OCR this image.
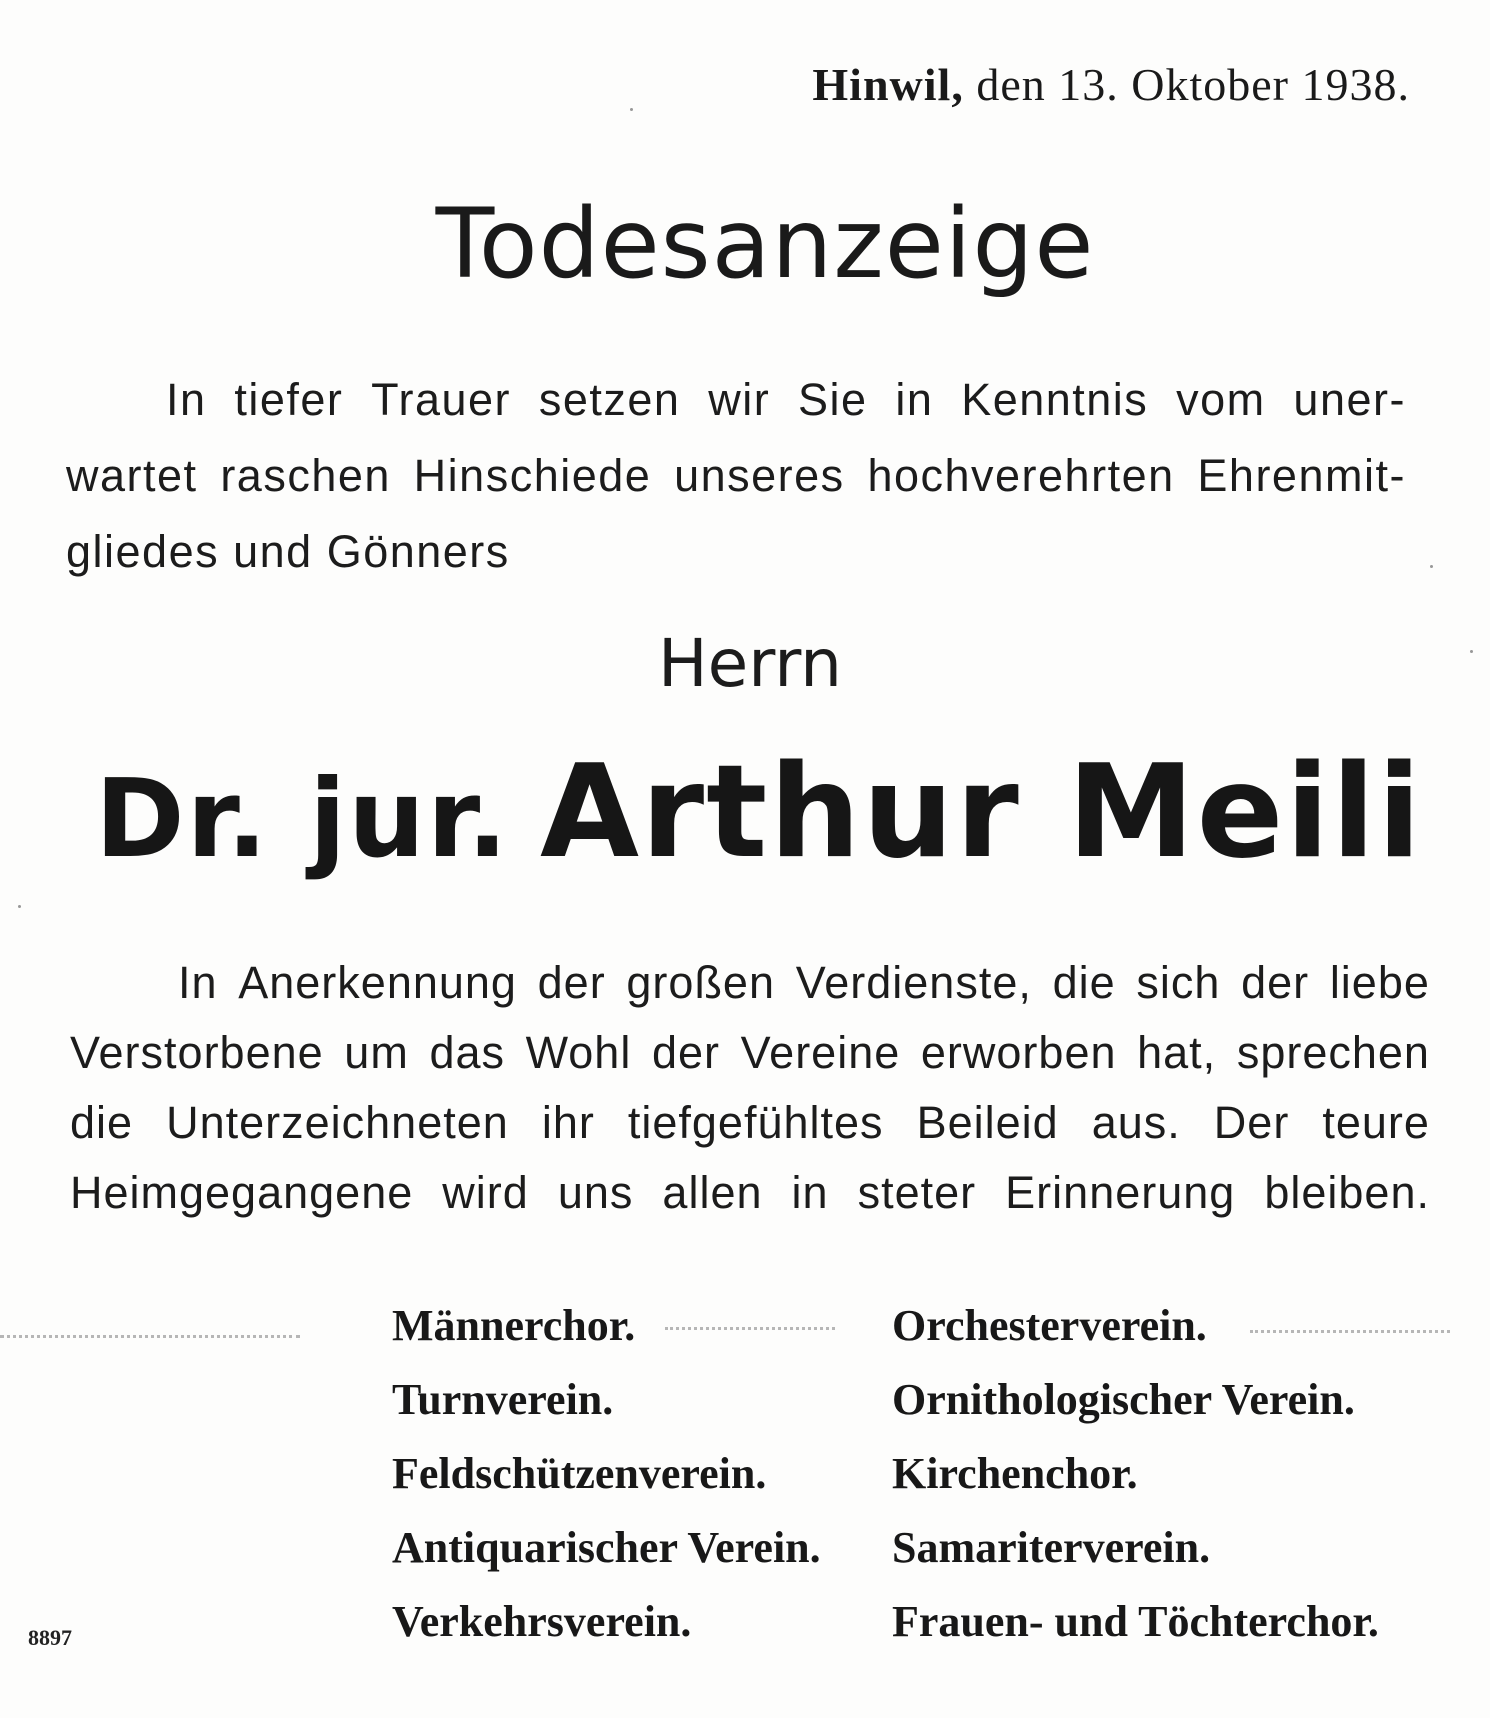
Hinwil, den 13. Oktober 1938.
Todesanzeige
In tiefer Trauer setzen wir Sie in Kenntnis vom uner-
wartet raschen Hinschiede unseres hochverehrten Ehrenmit-
gliedes und Gönners
Herrn
Dr. jur. Arthur Meili
In Anerkennung der großen Verdienste, die sich der liebe
Verstorbene um das Wohl der Vereine erworben hat, sprechen
die Unterzeichneten ihr tiefgefühltes Beileid aus. Der teure
Heimgegangene wird uns allen in steter Erinnerung bleiben.
Männerchor.	Orchesterverein.
Turnverein.	Ornithologischer Verein.
Feldschützenverein.	Kirchenchor.
Antiquarischer Verein.	Samariterverein.
Verkehrsverein.	Frauen- und Töchterchor.
8897
